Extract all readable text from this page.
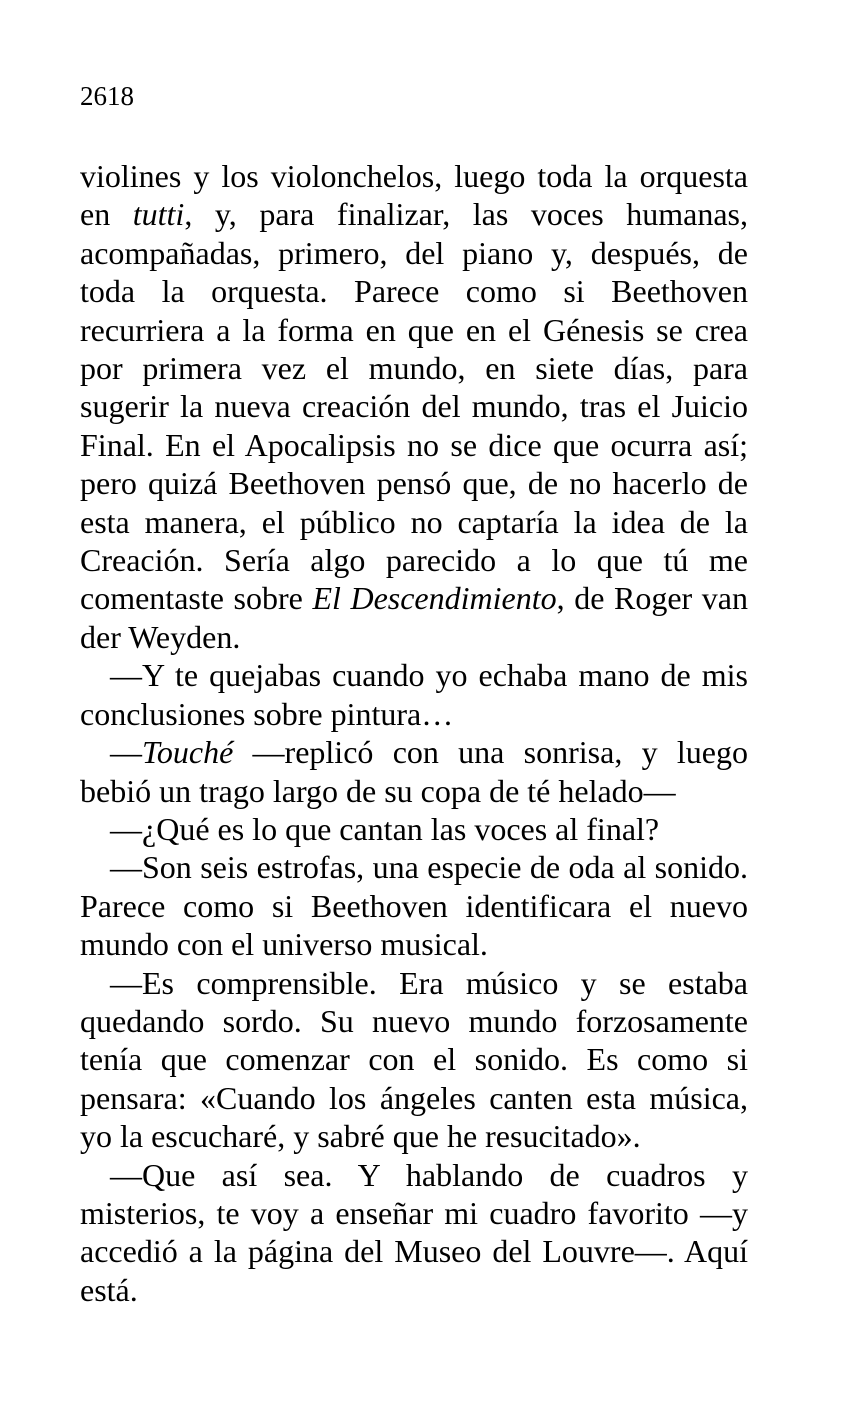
2618

violines y los violonchelos, luego toda la orquesta en tutti, y, para finalizar, las voces humanas, acompañadas, primero, del piano y, después, de toda la orquesta. Parece como si Beethoven recurriera a la forma en que en el Génesis se crea por primera vez el mundo, en siete días, para sugerir la nueva creación del mundo, tras el Juicio Final. En el Apocalipsis no se dice que ocurra así; pero quizá Beethoven pensó que, de no hacerlo de esta manera, el público no captaría la idea de la Creación. Sería algo parecido a lo que tú me comentaste sobre El Descendimiento, de Roger van der Weyden.

—Y te quejabas cuando yo echaba mano de mis conclusiones sobre pintura…

—Touché —replicó con una sonrisa, y luego bebió un trago largo de su copa de té helado—

—¿Qué es lo que cantan las voces al final?

—Son seis estrofas, una especie de oda al sonido. Parece como si Beethoven identificara el nuevo mundo con el universo musical.

—Es comprensible. Era músico y se estaba quedando sordo. Su nuevo mundo forzosamente tenía que comenzar con el sonido. Es como si pensara: «Cuando los ángeles canten esta música, yo la escucharé, y sabré que he resucitado».

—Que así sea. Y hablando de cuadros y misterios, te voy a enseñar mi cuadro favorito —y accedió a la página del Museo del Louvre—. Aquí está.
